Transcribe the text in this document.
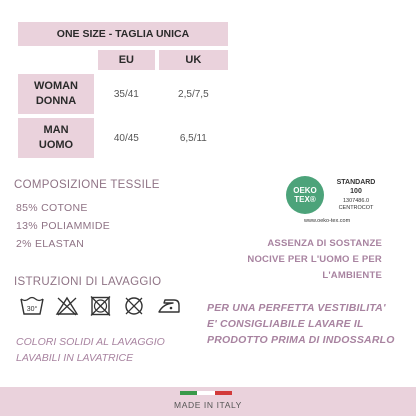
ONE SIZE - TAGLIA UNICA		
	EU	UK
WOMAN
DONNA	35/41	2,5/7,5
MAN
UOMO	40/45	6,5/11
COMPOSIZIONE TESSILE
85% COTONE
13% POLIAMMIDE
2% ELASTAN
OEKO
TEX®
STANDARD
100
1307486.0
CENTROCOT
www.oeko-tex.com
ASSENZA DI SOSTANZE
NOCIVE PER L'UOMO E PER
L'AMBIENTE
ISTRUZIONI DI LAVAGGIO
30°
COLORI SOLIDI AL LAVAGGIO
LAVABILI IN LAVATRICE
PER UNA PERFETTA VESTIBILITA'
E' CONSIGLIABILE LAVARE IL
PRODOTTO PRIMA DI INDOSSARLO
MADE IN ITALY
